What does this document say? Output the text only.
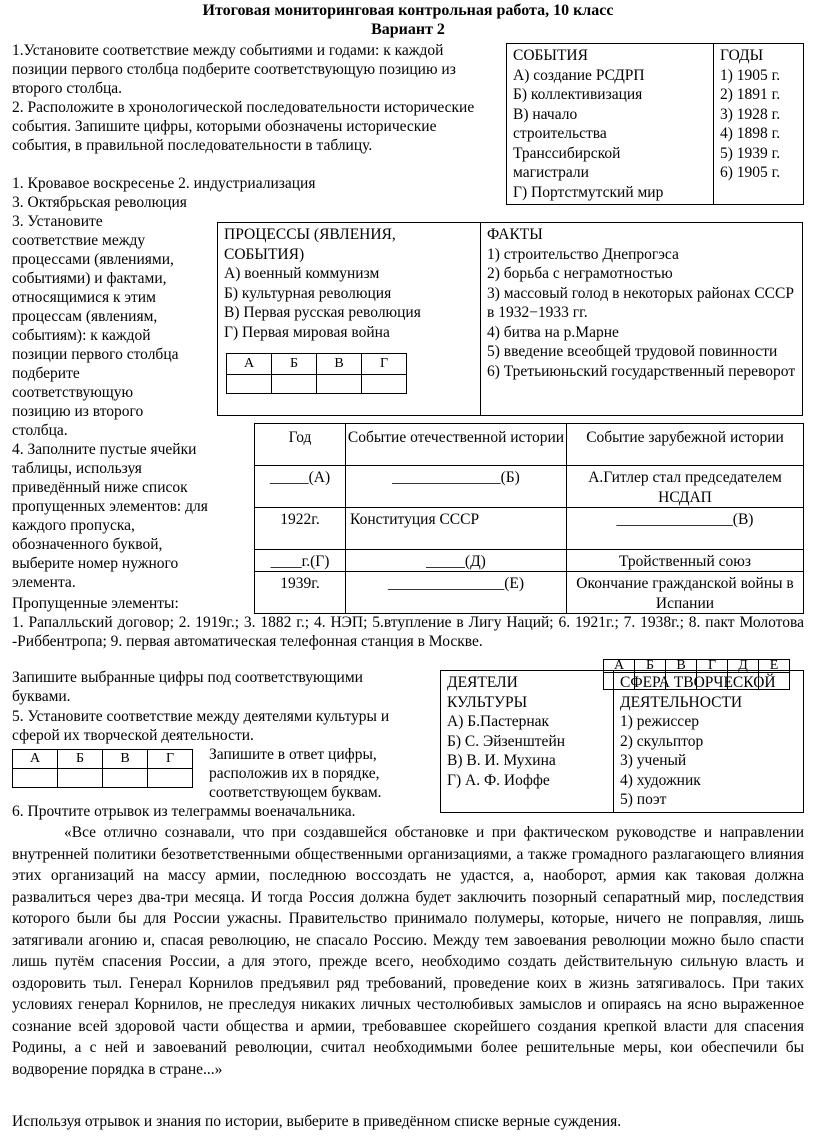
Итоговая мониторинговая контрольная работа, 10 класс
Вариант 2
1.Установите соответствие между событиями и годами: к каждой позиции первого столбца подберите соответствующую позицию из второго столбца.
СОБЫТИЯ
А) создание РСДРП
Б) коллективизация
В) начало строительства Транссибирской магистрали
Г) Портстмутский мир

ГОДЫ
1) 1905 г.
2) 1891 г.
3) 1928 г.
4) 1898 г.
5) 1939 г.
6) 1905 г.
2. Расположите в хронологической последовательности исторические события. Запишите цифры, которыми обозначены исторические события, в правильной последовательности в таблицу.
1. Кровавое воскресенье 2. индустриализация
3. Октябрьская революция
3. Установите
соответствие между
процессами (явлениями,
событиями) и фактами,
относящимися к этим
процессам (явлениям,
событиям): к каждой
позиции первого столбца
подберите
соответствующую
позицию из второго
столбца.
ПРОЦЕССЫ (ЯВЛЕНИЯ, СОБЫТИЯ)
А) военный коммунизм
Б) культурная революция
В) Первая русская революция
Г) Первая мировая война
А	Б	В	Г

ФАКТЫ
1) строительство Днепрогэса
2) борьба с неграмотностью
3) массовый голод в некоторых районах СССР в 1932−1933 гг.
4) битва на р.Марне
5) введение всеобщей трудовой повинности
6) Третьиюньский государственный переворот
4. Заполните пустые ячейки
таблицы, используя
приведённый ниже список
пропущенных элементов: для
каждого пропуска,
обозначенного буквой,
выберите номер нужного
элемента.
Год	Событие отечественной истории	Событие зарубежной истории
_____(А)	______________(Б)	А.Гитлер стал председателем НСДАП
1922г.	Конституция СССР	_______________(В)
____г.(Г)	_____(Д)	Тройственный союз
1939г.	_______________(Е)	Окончание гражданской войны в Испании
Пропущенные элементы:
1. Рапалльский договор; 2. 1919г.; 3. 1882 г.; 4. НЭП; 5.втупление в Лигу Наций; 6. 1921г.; 7. 1938г.; 8. пакт Молотова -Риббентропа; 9. первая автоматическая телефонная станция в Москве.
А	Б	В	Г	Д	Е

Запишите выбранные цифры под соответствующими буквами.
5. Установите соответствие между деятелями культуры и сферой их творческой деятельности.
А	Б	В	Г
			Запишите в ответ цифры, расположив их в порядке, соответствующем буквам.
ДЕЯТЕЛИ КУЛЬТУРЫ
А) Б.Пастернак
Б) С. Эйзенштейн
В) В. И. Мухина
Г) А. Ф. Иоффе

СФЕРА ТВОРЧЕСКОЙ ДЕЯТЕЛЬНОСТИ
1) режиссер
2) скульптор
3) ученый
4) художник
5) поэт
6. Прочтите отрывок из телеграммы военачальника.
«Все отлично сознавали, что при создавшейся обстановке и при фактическом руководстве и направлении внутренней политики безответственными общественными организациями, а также громадного разлагающего влияния этих организаций на массу армии, последнюю воссоздать не удастся, а, наоборот, армия как таковая должна развалиться через два-три месяца. И тогда Россия должна будет заключить позорный сепаратный мир, последствия которого были бы для России ужасны. Правительство принимало полумеры, которые, ничего не поправляя, лишь затягивали агонию и, спасая революцию, не спасало Россию. Между тем завоевания революции можно было спасти лишь путём спасения России, а для этого, прежде всего, необходимо создать действительную сильную власть и оздоровить тыл. Генерал Корнилов предъявил ряд требований, проведение коих в жизнь затягивалось. При таких условиях генерал Корнилов, не преследуя никаких личных честолюбивых замыслов и опираясь на ясно выраженное сознание всей здоровой части общества и армии, требовавшее скорейшего создания крепкой власти для спасения Родины, а с ней и завоеваний революции, считал необходимыми более решительные меры, кои обеспечили бы водворение порядка в стране...»
Используя отрывок и знания по истории, выберите в приведённом списке верные суждения.
